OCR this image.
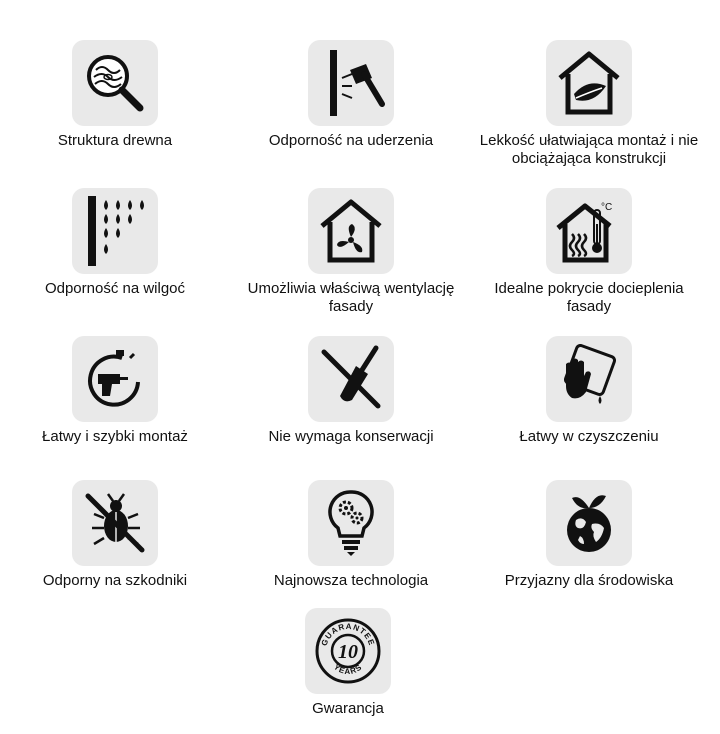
Struktura drewna	Odporność na uderzenia	Lekkość ułatwiająca montaż i nie obciążająca konstrukcji
Odporność na wilgoć	Umożliwia właściwą wentylację fasady
°C
Idealne pokrycie docieplenia fasady
Łatwy i szybki montaż	Nie wymaga konserwacji	Łatwy w czyszczeniu
Odporny na szkodniki	Najnowsza technologia	Przyjazny dla środowiska
GUARANTEE
10
YEARS
Gwarancja
